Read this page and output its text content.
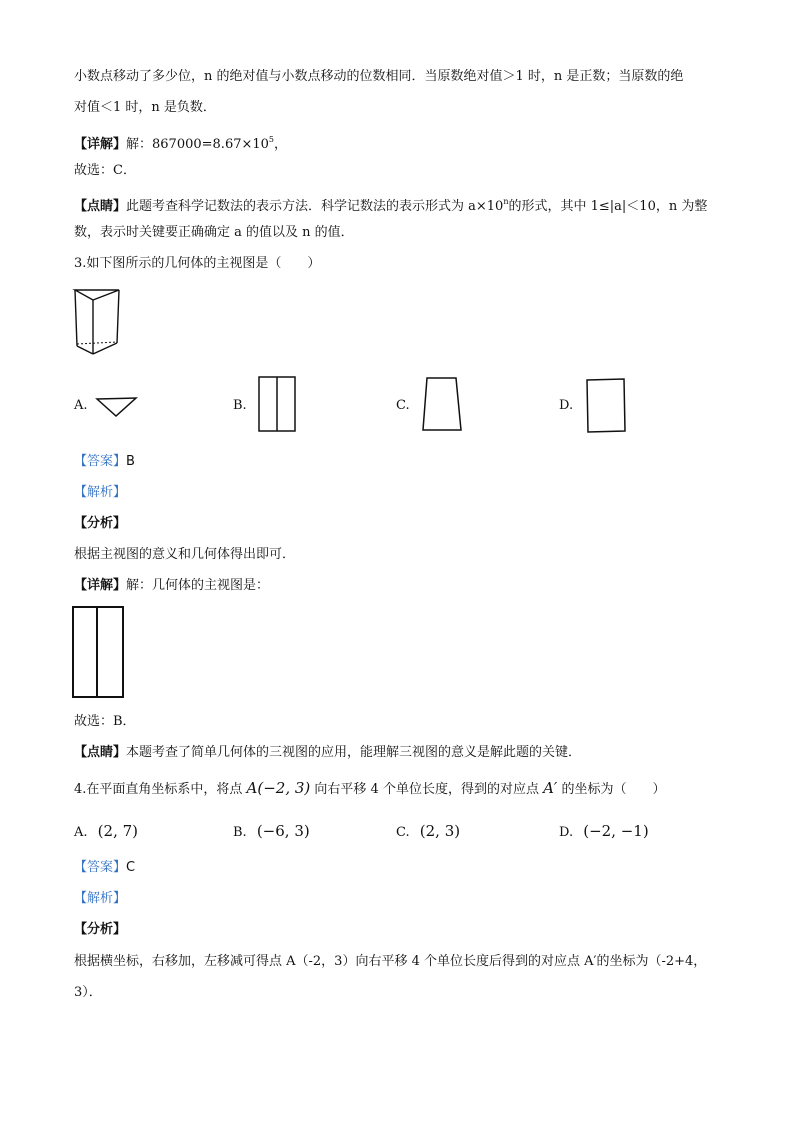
小数点移动了多少位，n 的绝对值与小数点移动的位数相同．当原数绝对值＞1 时，n 是正数；当原数的绝
对值＜1 时，n 是负数．
【详解】解：$867000=8.67\times 10^5$，
故选：C．
【点睛】此题考查科学记数法的表示方法．科学记数法的表示形式为 $a\times 10^n$的形式，其中 1≤|a|＜10，n 为整
数，表示时关键要正确确定 a 的值以及 n 的值．
3.如下图所示的几何体的主视图是（　　）
A.	B.	C.	D.
【答案】B
【解析】
【分析】
根据主视图的意义和几何体得出即可．
【详解】解：几何体的主视图是：
故选：B．
【点睛】本题考查了简单几何体的三视图的应用，能理解三视图的意义是解此题的关键．
4.在平面直角坐标系中，将点 A(−2, 3) 向右平移 4 个单位长度，得到的对应点 A′ 的坐标为（　　）
A. (2, 7)	B. (−6, 3)	C. (2, 3)	D. (−2, −1)
【答案】C
【解析】
【分析】
根据横坐标，右移加，左移减可得点 A（-2，3）向右平移 4 个单位长度后得到的对应点 A′的坐标为（-2+4，
3）．
